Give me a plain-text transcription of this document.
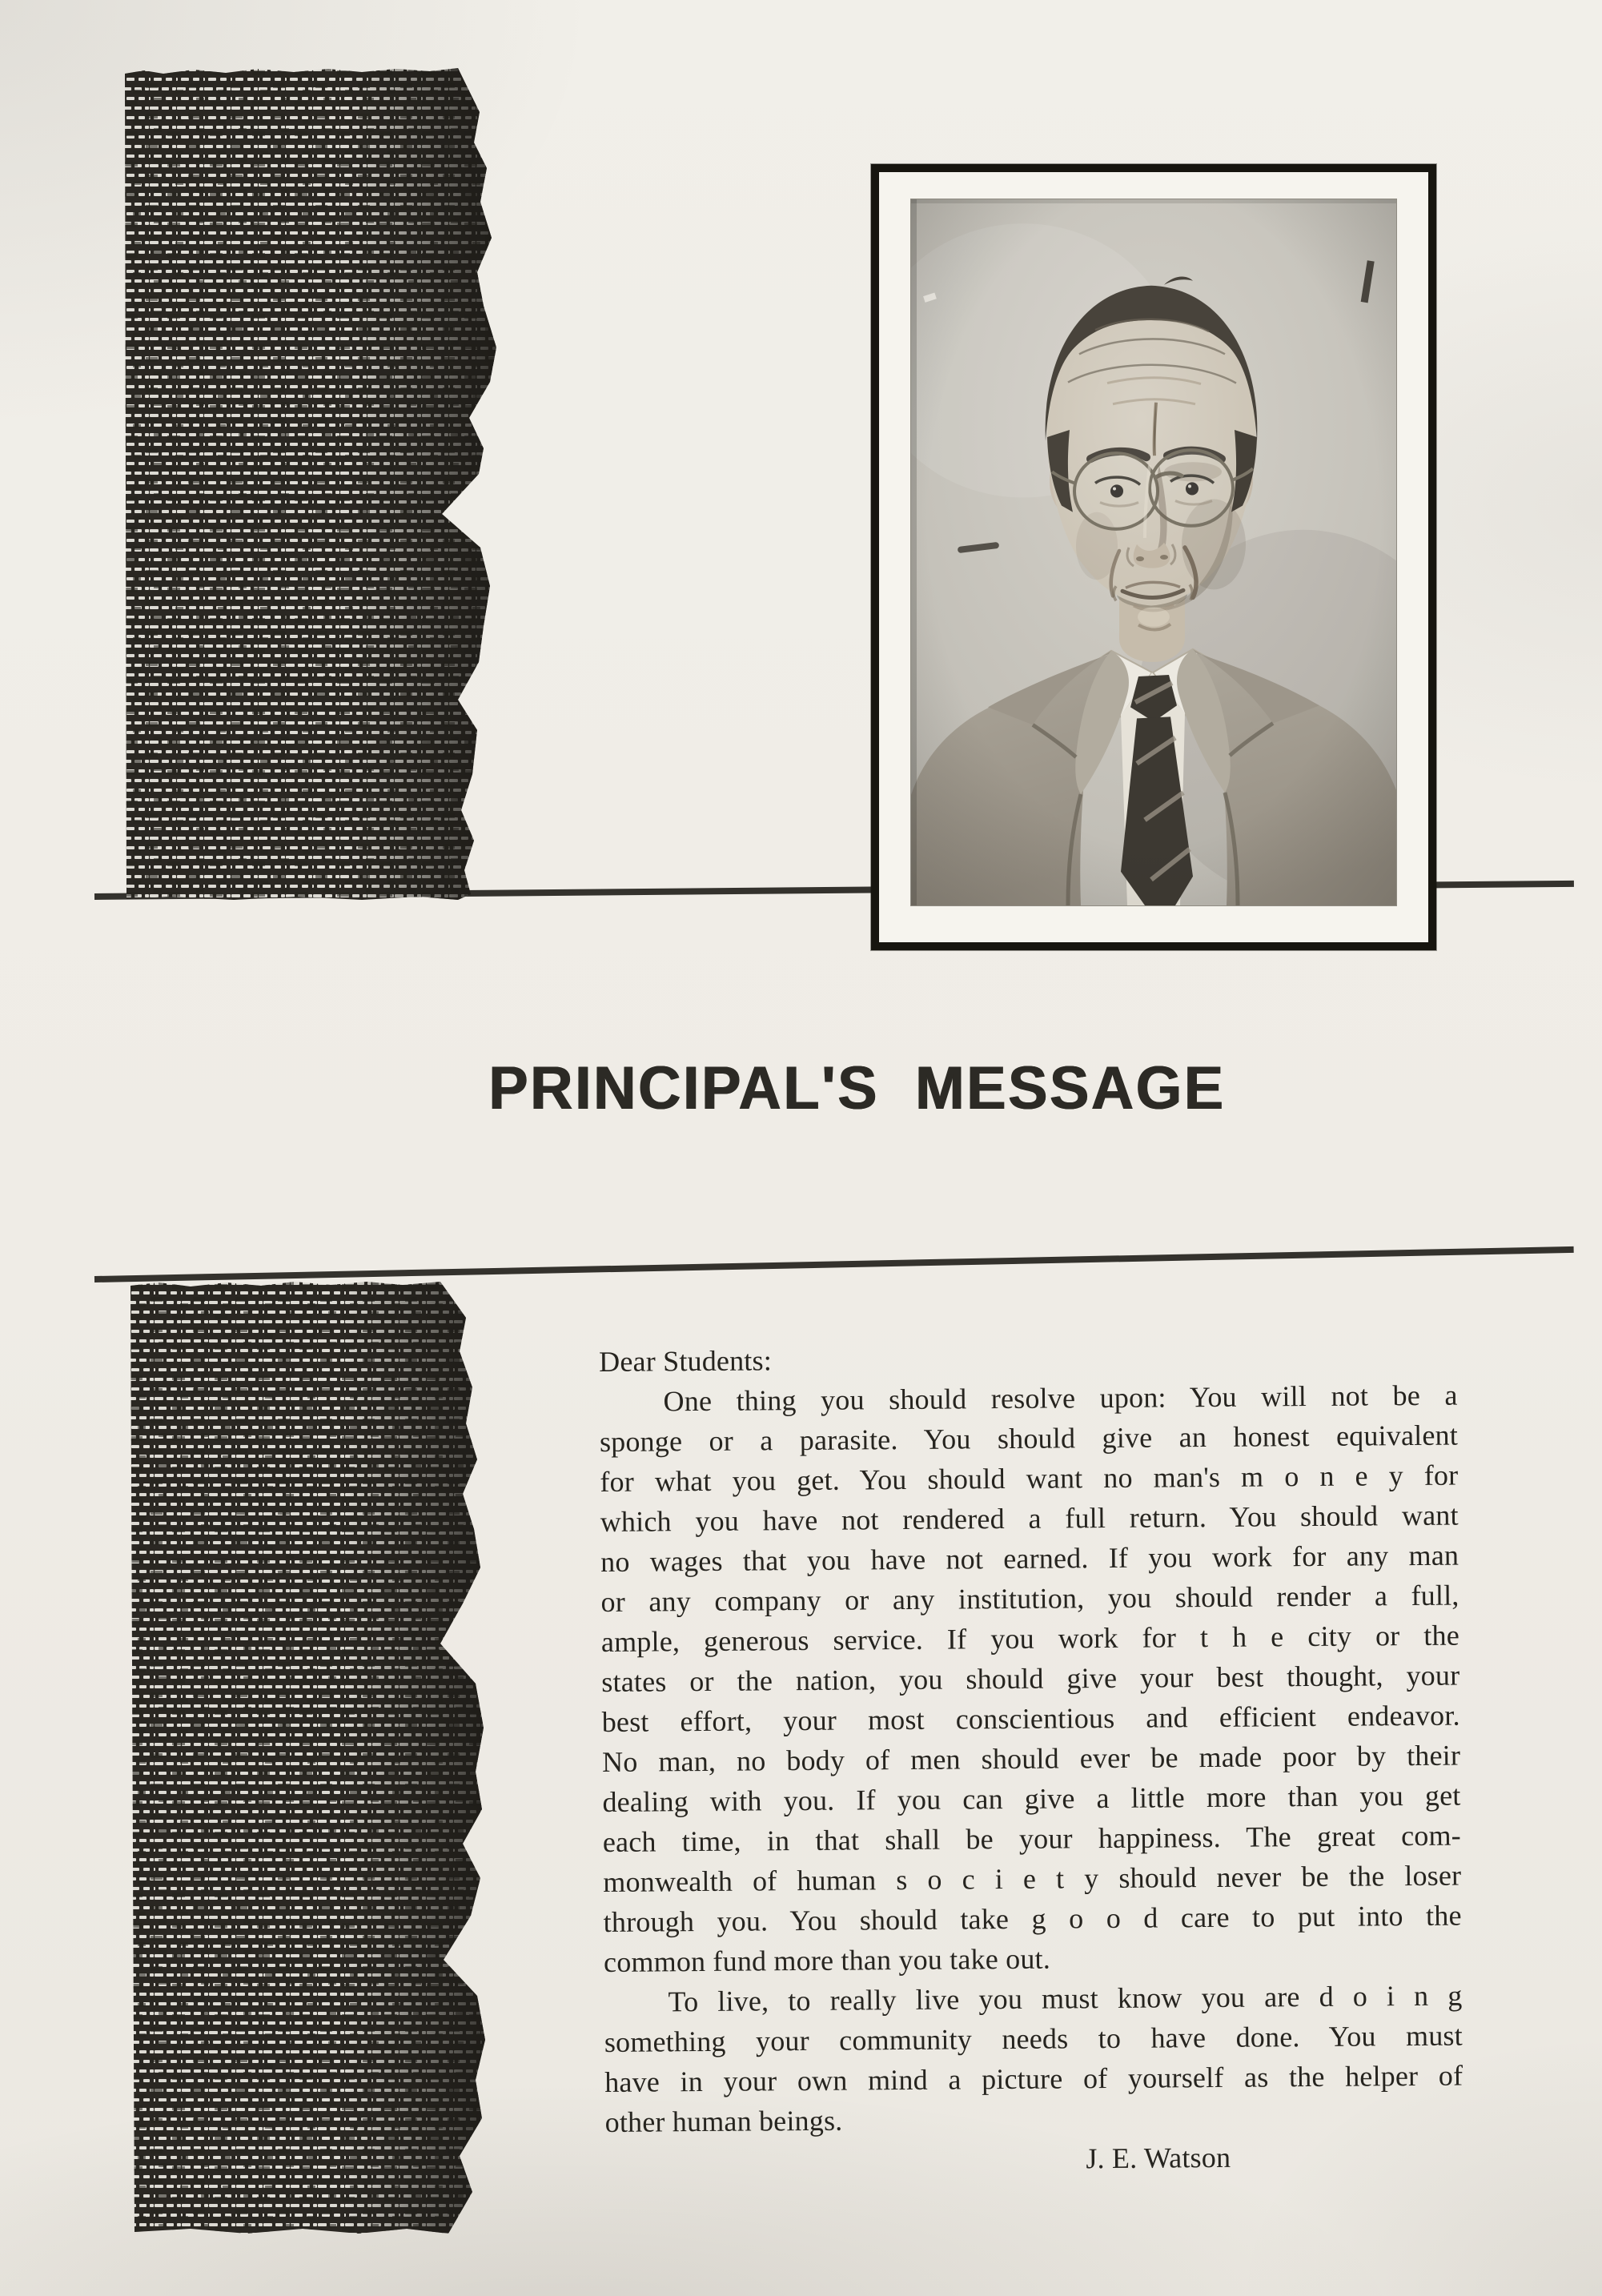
PRINCIPAL'S MESSAGE
Dear Students:
One thing you should resolve upon: You will not be a
sponge or a parasite. You should give an honest equivalent
for what you get. You should want no man's m o n e y for
which you have not rendered a full return. You should want
no wages that you have not earned. If you work for any man
or any company or any institution, you should render a full,
ample, generous service. If you work for t h e city or the
states or the nation, you should give your best thought, your
best effort, your most conscientious and efficient endeavor.
No man, no body of men should ever be made poor by their
dealing with you. If you can give a little more than you get
each time, in that shall be your happiness. The great com-
monwealth of human s o c i e t y should never be the loser
through you. You should take g o o d care to put into the
common fund more than you take out.
To live, to really live you must know you are d o i n g
something your community needs to have done. You must
have in your own mind a picture of yourself as the helper of
other human beings.
J. E. Watson
